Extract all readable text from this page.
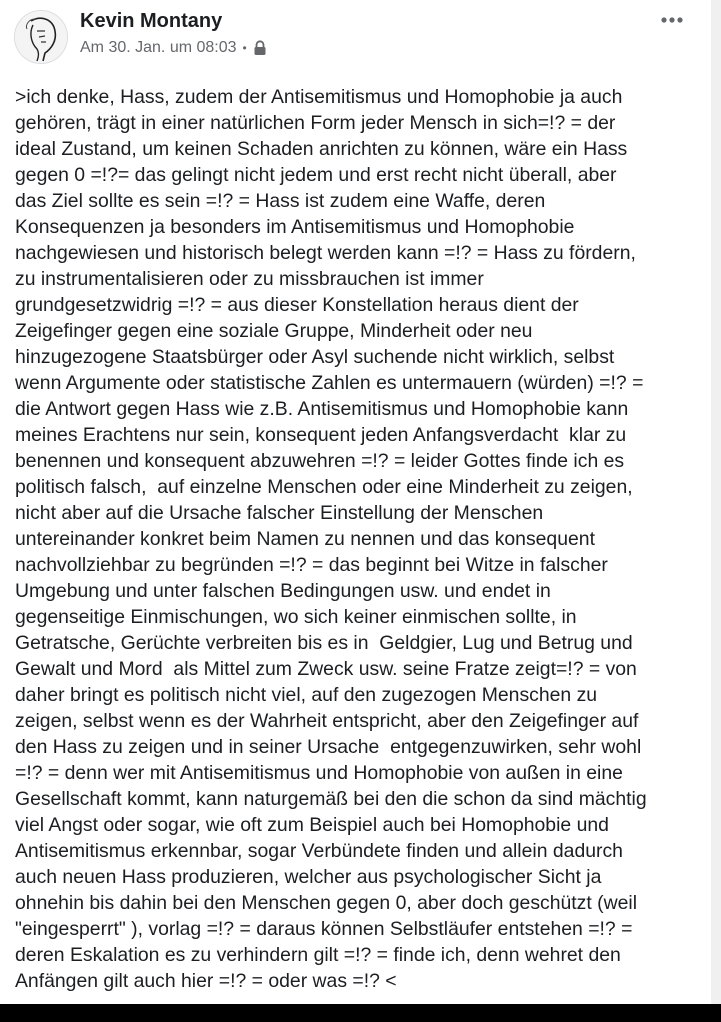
Kevin Montany
Am 30. Jan. um 08:03 •
>ich denke, Hass, zudem der Antisemitismus und Homophobie ja auch
gehören, trägt in einer natürlichen Form jeder Mensch in sich=!? = der
ideal Zustand, um keinen Schaden anrichten zu können, wäre ein Hass
gegen 0 =!?= das gelingt nicht jedem und erst recht nicht überall, aber
das Ziel sollte es sein =!? = Hass ist zudem eine Waffe, deren
Konsequenzen ja besonders im Antisemitismus und Homophobie
nachgewiesen und historisch belegt werden kann =!? = Hass zu fördern,
zu instrumentalisieren oder zu missbrauchen ist immer
grundgesetzwidrig =!? = aus dieser Konstellation heraus dient der
Zeigefinger gegen eine soziale Gruppe, Minderheit oder neu
hinzugezogene Staatsbürger oder Asyl suchende nicht wirklich, selbst
wenn Argumente oder statistische Zahlen es untermauern (würden) =!? =
die Antwort gegen Hass wie z.B. Antisemitismus und Homophobie kann
meines Erachtens nur sein, konsequent jeden Anfangsverdacht  klar zu
benennen und konsequent abzuwehren =!? = leider Gottes finde ich es
politisch falsch,  auf einzelne Menschen oder eine Minderheit zu zeigen,
nicht aber auf die Ursache falscher Einstellung der Menschen
untereinander konkret beim Namen zu nennen und das konsequent
nachvollziehbar zu begründen =!? = das beginnt bei Witze in falscher
Umgebung und unter falschen Bedingungen usw. und endet in
gegenseitige Einmischungen, wo sich keiner einmischen sollte, in
Getratsche, Gerüchte verbreiten bis es in  Geldgier, Lug und Betrug und
Gewalt und Mord  als Mittel zum Zweck usw. seine Fratze zeigt=!? = von
daher bringt es politisch nicht viel, auf den zugezogen Menschen zu
zeigen, selbst wenn es der Wahrheit entspricht, aber den Zeigefinger auf
den Hass zu zeigen und in seiner Ursache  entgegenzuwirken, sehr wohl
=!? = denn wer mit Antisemitismus und Homophobie von außen in eine
Gesellschaft kommt, kann naturgemäß bei den die schon da sind mächtig
viel Angst oder sogar, wie oft zum Beispiel auch bei Homophobie und
Antisemitismus erkennbar, sogar Verbündete finden und allein dadurch
auch neuen Hass produzieren, welcher aus psychologischer Sicht ja
ohnehin bis dahin bei den Menschen gegen 0, aber doch geschützt (weil
"eingesperrt" ), vorlag =!? = daraus können Selbstläufer entstehen =!? =
deren Eskalation es zu verhindern gilt =!? = finde ich, denn wehret den
Anfängen gilt auch hier =!? = oder was =!? <
